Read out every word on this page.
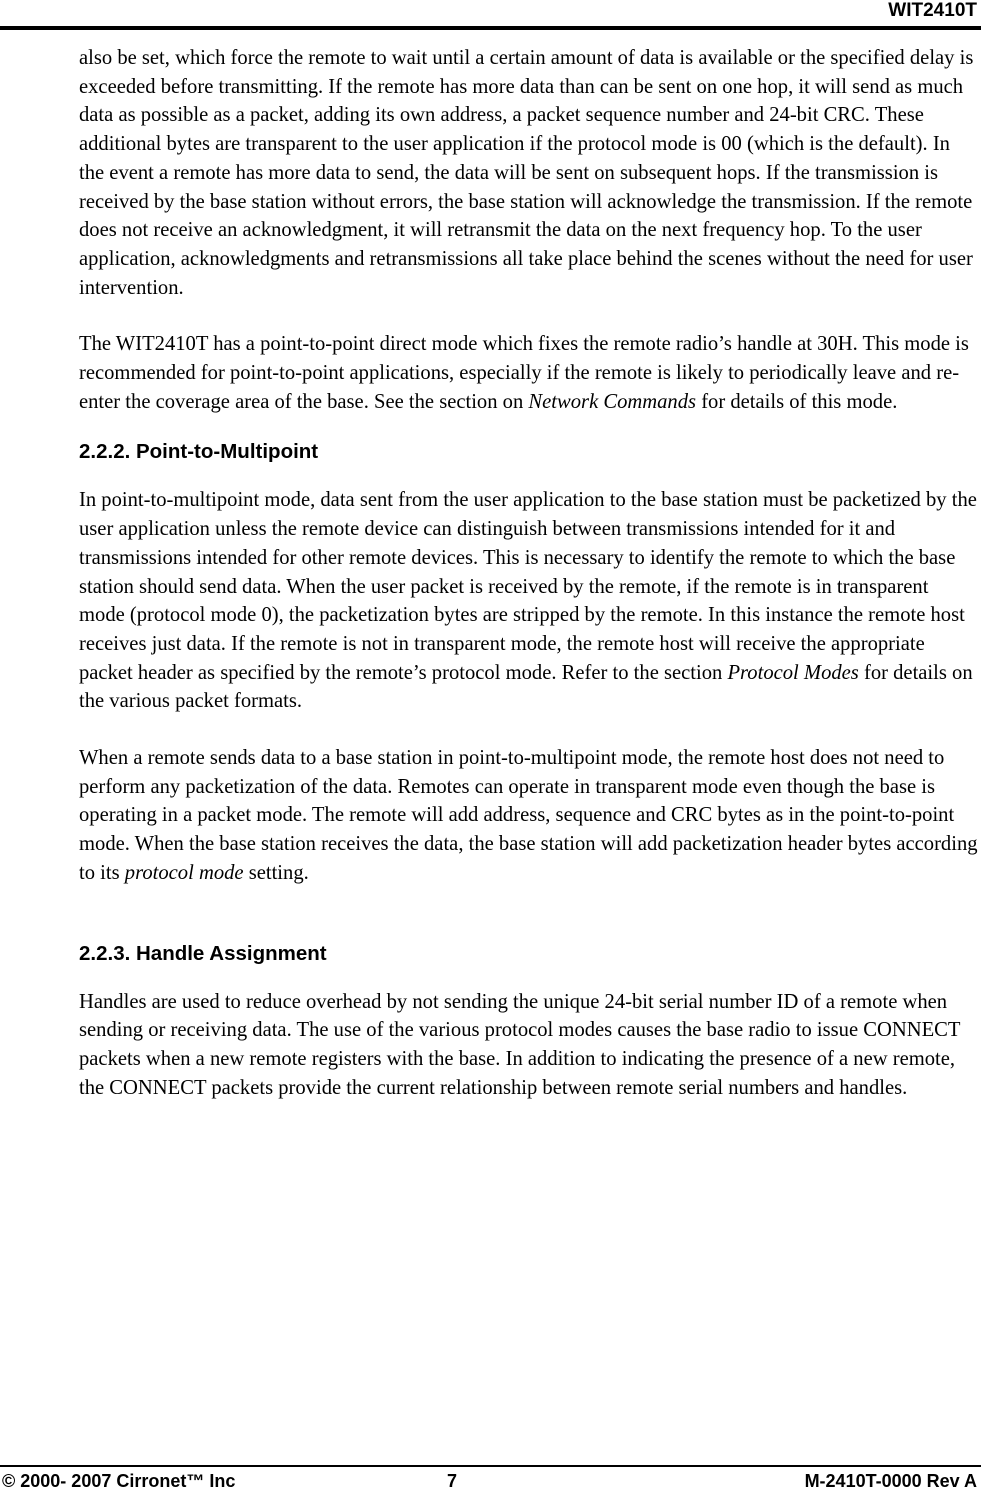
WIT2410T

also be set, which force the remote to wait until a certain amount of data is available or the specified delay is exceeded before transmitting. If the remote has more data than can be sent on one hop, it will send as much data as possible as a packet, adding its own address, a packet sequence number and 24-bit CRC. These additional bytes are transparent to the user application if the protocol mode is 00 (which is the default). In the event a remote has more data to send, the data will be sent on subsequent hops. If the transmission is received by the base station without errors, the base station will acknowledge the transmission. If the remote does not receive an acknowledgment, it will retransmit the data on the next frequency hop. To the user application, acknowledgments and retransmissions all take place behind the scenes without the need for user intervention.

The WIT2410T has a point-to-point direct mode which fixes the remote radio’s handle at 30H. This mode is recommended for point-to-point applications, especially if the remote is likely to periodically leave and re-enter the coverage area of the base. See the section on Network Commands for details of this mode.

2.2.2. Point-to-Multipoint

In point-to-multipoint mode, data sent from the user application to the base station must be packetized by the user application unless the remote device can distinguish between transmissions intended for it and transmissions intended for other remote devices. This is necessary to identify the remote to which the base station should send data. When the user packet is received by the remote, if the remote is in transparent mode (protocol mode 0), the packetization bytes are stripped by the remote. In this instance the remote host receives just data. If the remote is not in transparent mode, the remote host will receive the appropriate packet header as specified by the remote’s protocol mode. Refer to the section Protocol Modes for details on the various packet formats.

When a remote sends data to a base station in point-to-multipoint mode, the remote host does not need to perform any packetization of the data. Remotes can operate in transparent mode even though the base is operating in a packet mode. The remote will add address, sequence and CRC bytes as in the point-to-point mode. When the base station receives the data, the base station will add packetization header bytes according to its protocol mode setting.

2.2.3. Handle Assignment

Handles are used to reduce overhead by not sending the unique 24-bit serial number ID of a remote when sending or receiving data. The use of the various protocol modes causes the base radio to issue CONNECT packets when a new remote registers with the base. In addition to indicating the presence of a new remote, the CONNECT packets provide the current relationship between remote serial numbers and handles.

© 2000- 2007 Cirronet™ Inc	7	M-2410T-0000 Rev A
